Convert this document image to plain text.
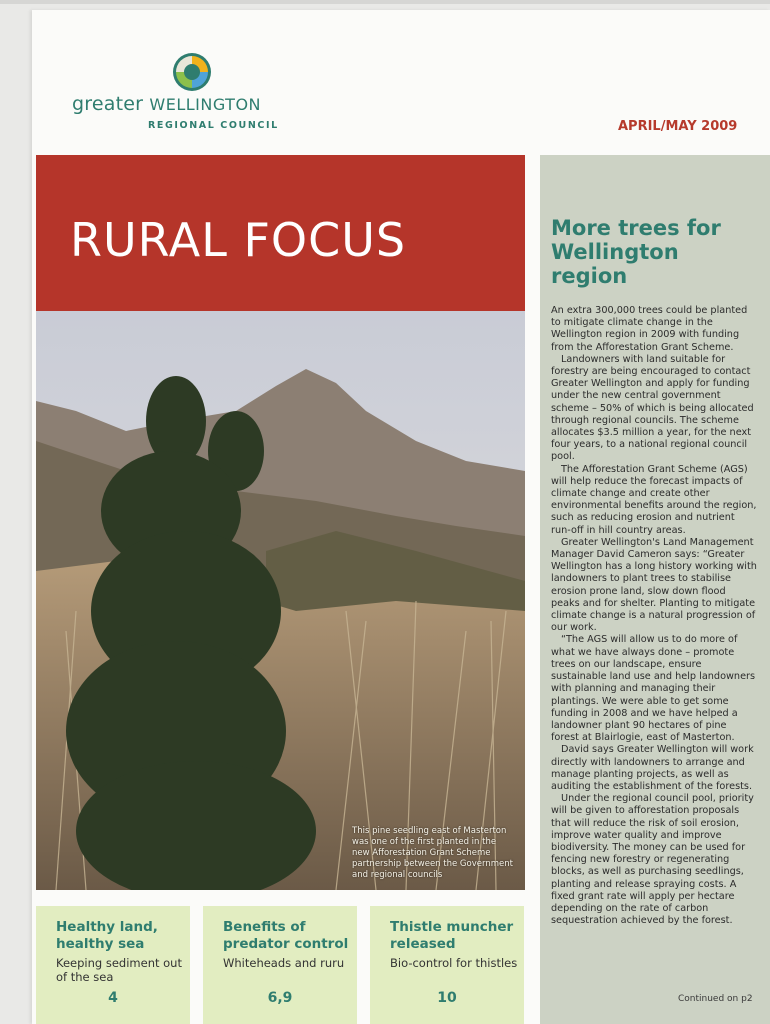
greater WELLINGTON
REGIONAL COUNCIL	APRIL/MAY 2009
RURAL FOCUS
This pine seedling east of Masterton was one of the first planted in the new Afforestation Grant Scheme partnership between the Government and regional councils
More trees for Wellington region

An extra 300,000 trees could be planted to mitigate climate change in the Wellington region in 2009 with funding from the Afforestation Grant Scheme.

Landowners with land suitable for forestry are being encouraged to contact Greater Wellington and apply for funding under the new central government scheme – 50% of which is being allocated through regional councils. The scheme allocates $3.5 million a year, for the next four years, to a national regional council pool.

The Afforestation Grant Scheme (AGS) will help reduce the forecast impacts of climate change and create other environmental benefits around the region, such as reducing erosion and nutrient run-off in hill country areas.

Greater Wellington's Land Management Manager David Cameron says: “Greater Wellington has a long history working with landowners to plant trees to stabilise erosion prone land, slow down flood peaks and for shelter. Planting to mitigate climate change is a natural progression of our work.

“The AGS will allow us to do more of what we have always done – promote trees on our landscape, ensure sustainable land use and help landowners with planning and managing their plantings. We were able to get some funding in 2008 and we have helped a landowner plant 90 hectares of pine forest at Blairlogie, east of Masterton.

David says Greater Wellington will work directly with landowners to arrange and manage planting projects, as well as auditing the establishment of the forests.

Under the regional council pool, priority will be given to afforestation proposals that will reduce the risk of soil erosion, improve water quality and improve biodiversity. The money can be used for fencing new forestry or regenerating blocks, as well as purchasing seedlings, planting and release spraying costs. A fixed grant rate will apply per hectare depending on the rate of carbon sequestration achieved by the forest.

Continued on p2
Healthy land, healthy sea
Keeping sediment out of the sea
4
Benefits of predator control
Whiteheads and ruru
6,9
Thistle muncher released
Bio-control for thistles
10
